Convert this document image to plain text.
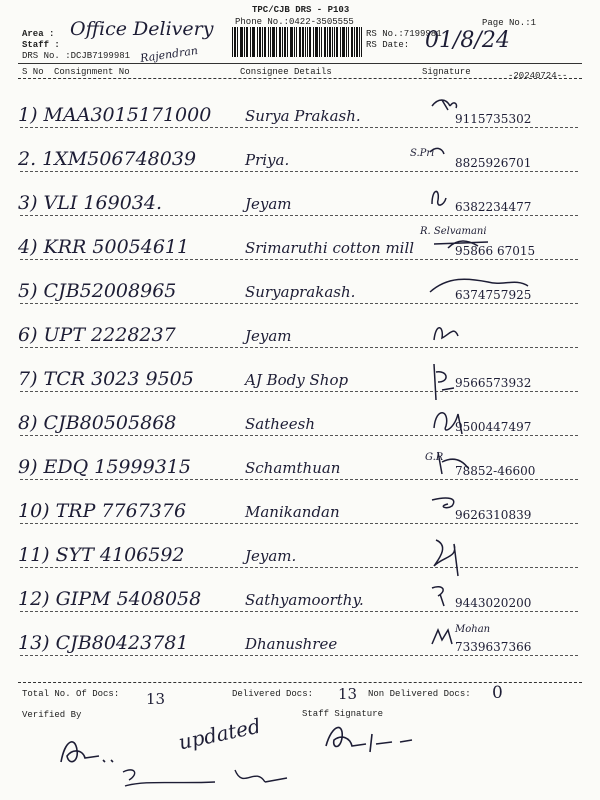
TPC/CJB DRS - P103
Phone No.:0422-3505555
Area : Office Delivery
Staff :
DRS No. :DCJB7199981 Rajendran
RS No.:7199981
RS Date: 01/8/24
Page No.:1
S No Consignment No	Consignee Details	Signature	-20240724--
1) MAA3015171000 Surya Prakash.	9115735302
2. 1XM506748039	Priya.	8825926701
3) VLI 169034.	Jeyam	6382234477
4) KRR 50054611	Srimaruthi cotton mill	95866 67015
5) CJB52008965	Suryaprakash.	6374757925
6) UPT 2228237	Jeyam
7) TCR 3023 9505	AJ Body Shop	9566573932
8) CJB80505868	Satheesh	9500447497
9) EDQ 15999315	Schamthuan	78852-46600
10) TRP 7767376	Manikandan	9626310839
11) SYT 4106592	Jeyam.
12) GIPM 5408058	Sathyamoorthy.	9443020200
13) CJB80423781	Dhanushree	7339637366
S.Pri
R. Selvamani
G.R
Mohan
Total No. Of Docs: 13	Delivered Docs: 13 Non Delivered Docs: 0
Verified By	Staff Signature
updated
